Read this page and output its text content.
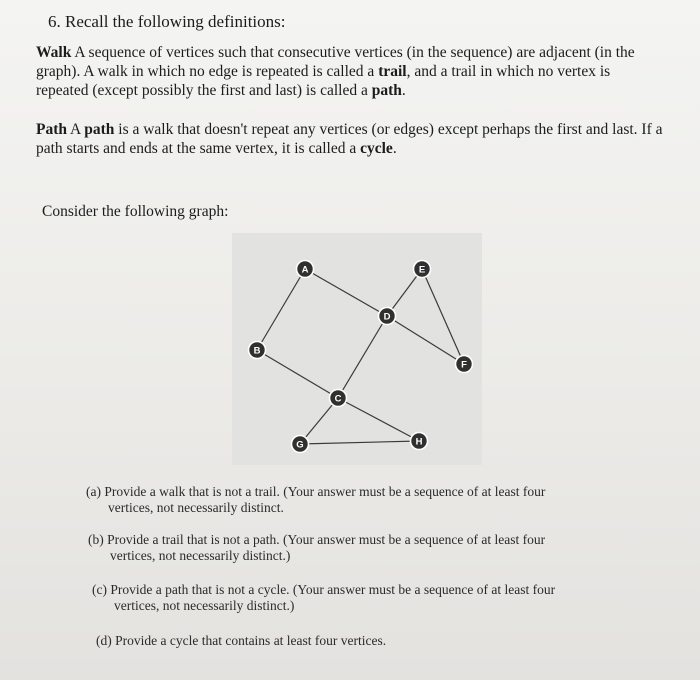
6. Recall the following definitions:
Walk A sequence of vertices such that consecutive vertices (in the sequence) are adjacent (in the graph). A walk in which no edge is repeated is called a trail, and a trail in which no vertex is repeated (except possibly the first and last) is called a path.
Path A path is a walk that doesn't repeat any vertices (or edges) except perhaps the first and last. If a path starts and ends at the same vertex, it is called a cycle.
Consider the following graph:
A
B
C
D
E
F
G	H
(a) Provide a walk that is not a trail. (Your answer must be a sequence of at least four
vertices, not necessarily distinct.
(b) Provide a trail that is not a path. (Your answer must be a sequence of at least four
vertices, not necessarily distinct.)
(c) Provide a path that is not a cycle. (Your answer must be a sequence of at least four
vertices, not necessarily distinct.)
(d) Provide a cycle that contains at least four vertices.
